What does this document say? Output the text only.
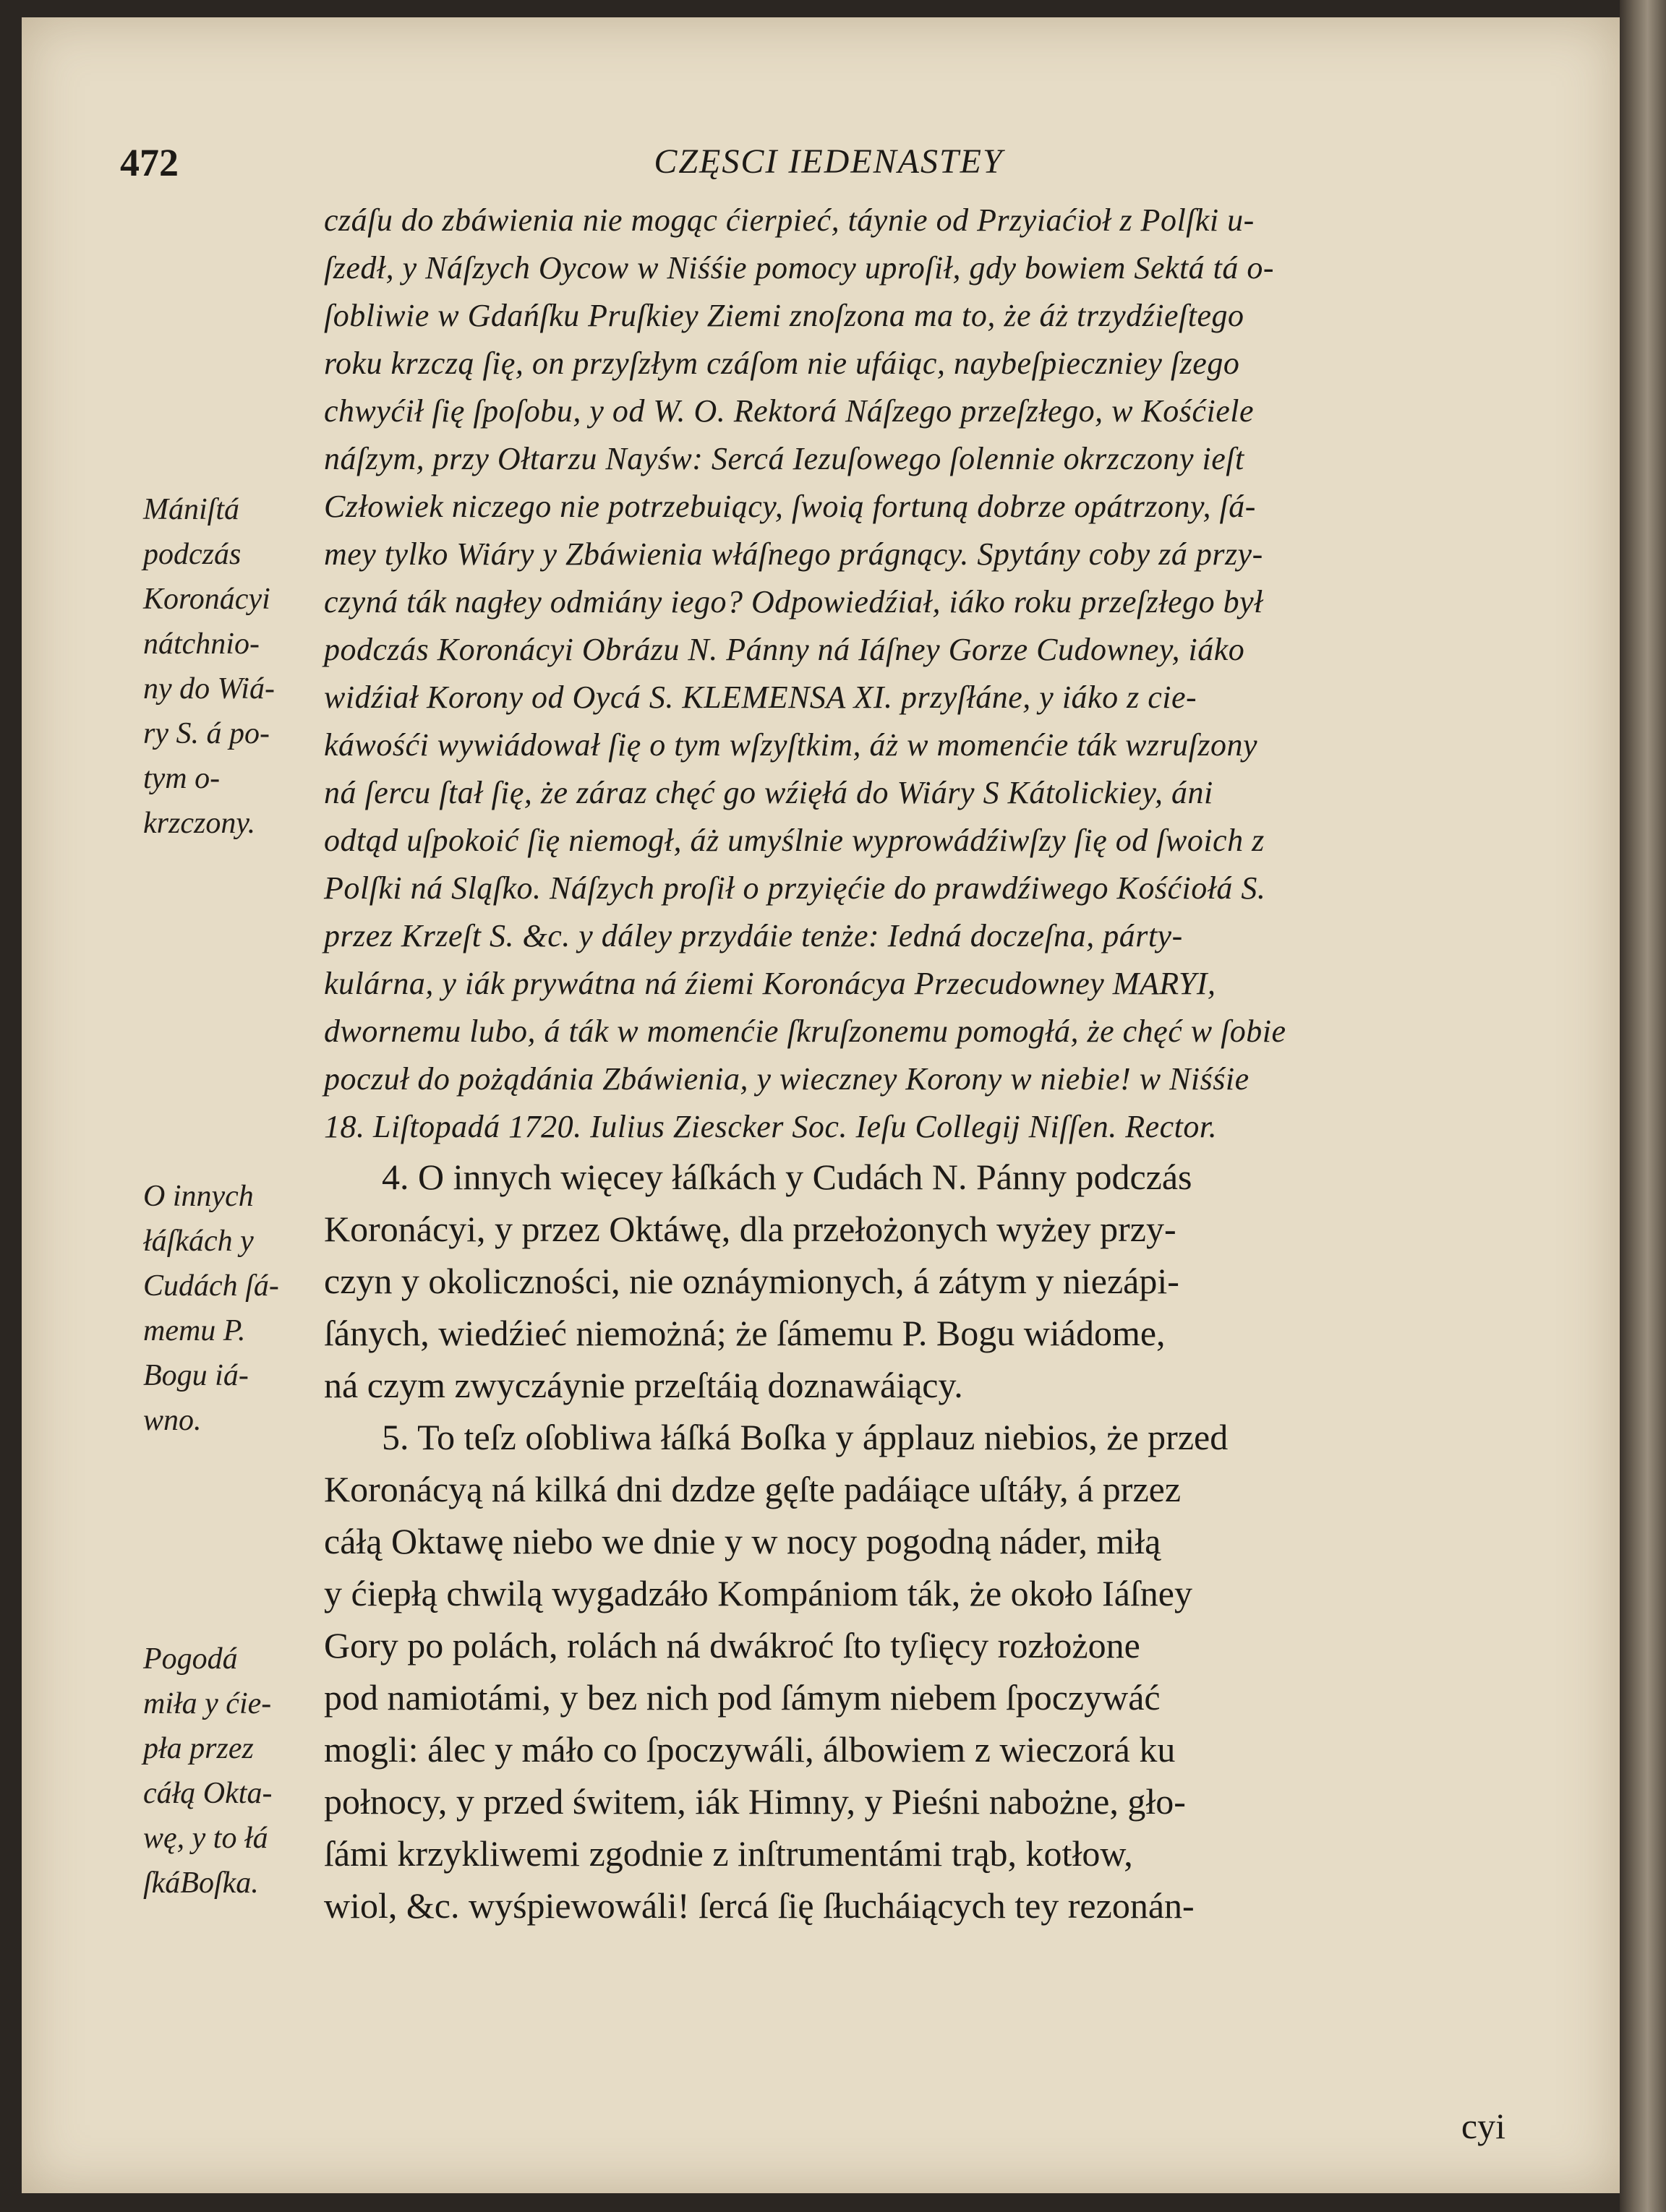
472	CZĘSCI IEDENASTEY
czáſu do zbáwienia nie mogąc ćierpieć, táynie od Przyiaćioł z Polſki u-
ſzedł, y Náſzych Oycow w Niśśie pomocy uproſił, gdy bowiem Sektá tá o-
ſobliwie w Gdańſku Pruſkiey Ziemi znoſzona ma to, że áż trzydźieſtego
roku krzczą ſię, on przyſzłym czáſom nie ufáiąc, naybeſpieczniey ſzego
chwyćił ſię ſpoſobu, y od W. O. Rektorá Náſzego przeſzłego, w Kośćiele
náſzym, przy Ołtarzu Nayśw: Sercá Iezuſowego ſolennie okrzczony ieſt
Człowiek niczego nie potrzebuiący, ſwoią fortuną dobrze opátrzony, ſá-
mey tylko Wiáry y Zbáwienia włáſnego prágnący. Spytány coby zá przy-
czyná ták nagłey odmiány iego? Odpowiedźiał, iáko roku przeſzłego był
podczás Koronácyi Obrázu N. Pánny ná Iáſney Gorze Cudowney, iáko
widźiał Korony od Oycá S. KLEMENSA XI. przyſłáne, y iáko z cie-
káwośći wywiádował ſię o tym wſzyſtkim, áż w momenćie ták wzruſzony
ná ſercu ſtał ſię, że záraz chęć go wźięłá do Wiáry S Kátolickiey, áni
odtąd uſpokoić ſię niemogł, áż umyślnie wyprowádźiwſzy ſię od ſwoich z
Polſki ná Sląſko. Náſzych proſił o przyięćie do prawdźiwego Kośćiołá S.
przez Krzeſt S. &c. y dáley przydáie tenże: Iedná doczeſna, párty-
kulárna, y iák prywátna ná źiemi Koronácya Przecudowney MARYI,
dwornemu lubo, á ták w momenćie ſkruſzonemu pomogłá, że chęć w ſobie
poczuł do pożądánia Zbáwienia, y wieczney Korony w niebie! w Niśśie
18. Liſtopadá 1720. Iulius Ziescker Soc. Ieſu Collegij Niſſen. Rector.
4. O innych więcey łáſkách y Cudách N. Pánny podczás
Koronácyi, y przez Oktáwę, dla przełożonych wyżey przy-
czyn y okoliczności, nie oznáymionych, á zátym y niezápi-
ſánych, wiedźieć niemożná; że ſámemu P. Bogu wiádome,
ná czym zwyczáynie przeſtáią doznawáiący.
5. To teſz oſobliwa łáſká Boſka y ápplauz niebios, że przed
Koronácyą ná kilká dni dzdze gęſte padáiące uſtáły, á przez
cáłą Oktawę niebo we dnie y w nocy pogodną náder, miłą
y ćiepłą chwilą wygadzáło Kompániom ták, że około Iáſney
Gory po polách, rolách ná dwákroć ſto tyſięcy rozłożone
pod namiotámi, y bez nich pod ſámym niebem ſpoczywáć
mogli: álec y máło co ſpoczywáli, álbowiem z wieczorá ku
połnocy, y przed świtem, iák Himny, y Pieśni nabożne, gło-
ſámi krzykliwemi zgodnie z inſtrumentámi trąb, kotłow,
wiol, &c. wyśpiewowáli! ſercá ſię ſłucháiących tey rezonán-
Mániſtá
podczás
Koronácyi
nátchnio-
ny do Wiá-
ry S. á po-
tym o-
krzczony.
O innych
łáſkách y
Cudách ſá-
memu P.
Bogu iá-
wno.
Pogodá
miła y ćie-
pła przez
cáłą Okta-
wę, y to łá
ſkáBoſka.
cyi
